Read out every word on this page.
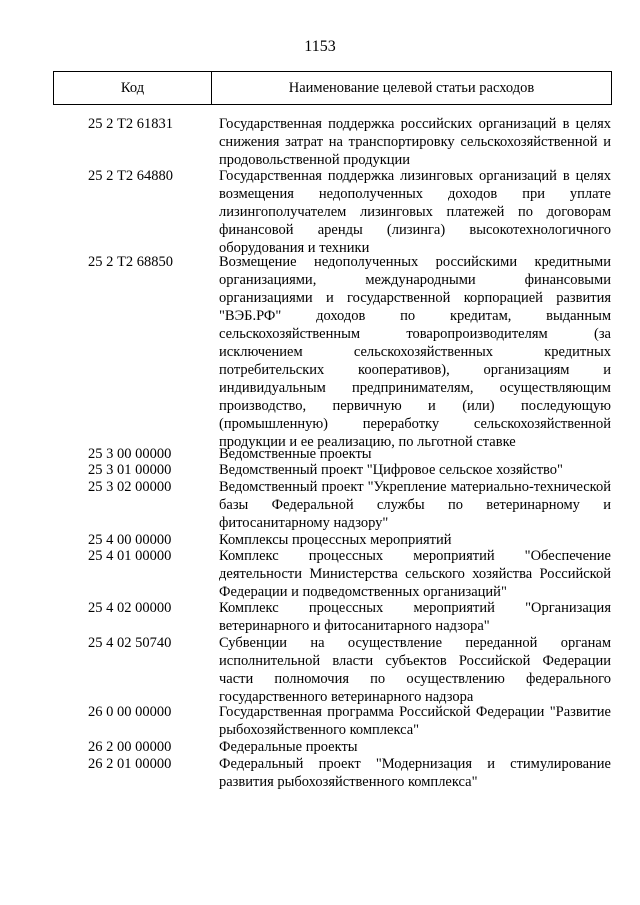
1153
Код	Наименование целевой статьи расходов
25 2 Т2 61831	Государственная поддержка российских организаций в целях снижения затрат на транспортировку сельскохозяйственной и продовольственной продукции
25 2 Т2 64880	Государственная поддержка лизинговых организаций в целях возмещения недополученных доходов при уплате лизингополучателем лизинговых платежей по договорам финансовой аренды (лизинга) высокотехнологичного оборудования и техники
25 2 Т2 68850	Возмещение недополученных российскими кредитными организациями, международными финансовыми организациями и государственной корпорацией развития "ВЭБ.РФ" доходов по кредитам, выданным сельскохозяйственным товаропроизводителям (за исключением сельскохозяйственных кредитных потребительских кооперативов), организациям и индивидуальным предпринимателям, осуществляющим производство, первичную и (или) последующую (промышленную) переработку сельскохозяйственной продукции и ее реализацию, по льготной ставке
25 3 00 00000	Ведомственные проекты
25 3 01 00000	Ведомственный проект "Цифровое сельское хозяйство"
25 3 02 00000	Ведомственный проект "Укрепление материально-технической базы Федеральной службы по ветеринарному и фитосанитарному надзору"
25 4 00 00000	Комплексы процессных мероприятий
25 4 01 00000	Комплекс процессных мероприятий "Обеспечение деятельности Министерства сельского хозяйства Российской Федерации и подведомственных организаций"
25 4 02 00000	Комплекс процессных мероприятий "Организация ветеринарного и фитосанитарного надзора"
25 4 02 50740	Субвенции на осуществление переданной органам исполнительной власти субъектов Российской Федерации части полномочия по осуществлению федерального государственного ветеринарного надзора
26 0 00 00000	Государственная программа Российской Федерации "Развитие рыбохозяйственного комплекса"
26 2 00 00000	Федеральные проекты
26 2 01 00000	Федеральный проект "Модернизация и стимулирование развития рыбохозяйственного комплекса"
